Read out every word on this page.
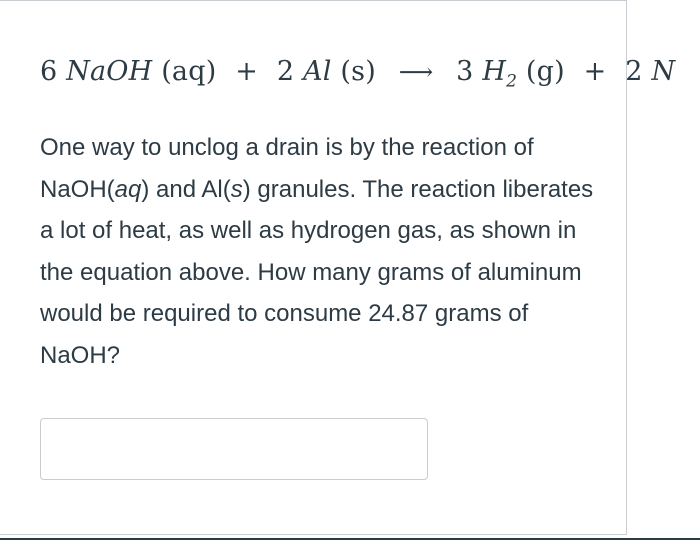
6 NaOH (aq) + 2 Al (s) ⟶ 3 $H_2$ (g) + 2 N
One way to unclog a drain is by the reaction of NaOH(aq) and Al(s) granules. The reaction liberates a lot of heat, as well as hydrogen gas, as shown in the equation above. How many grams of aluminum would be required to consume 24.87 grams of NaOH?
